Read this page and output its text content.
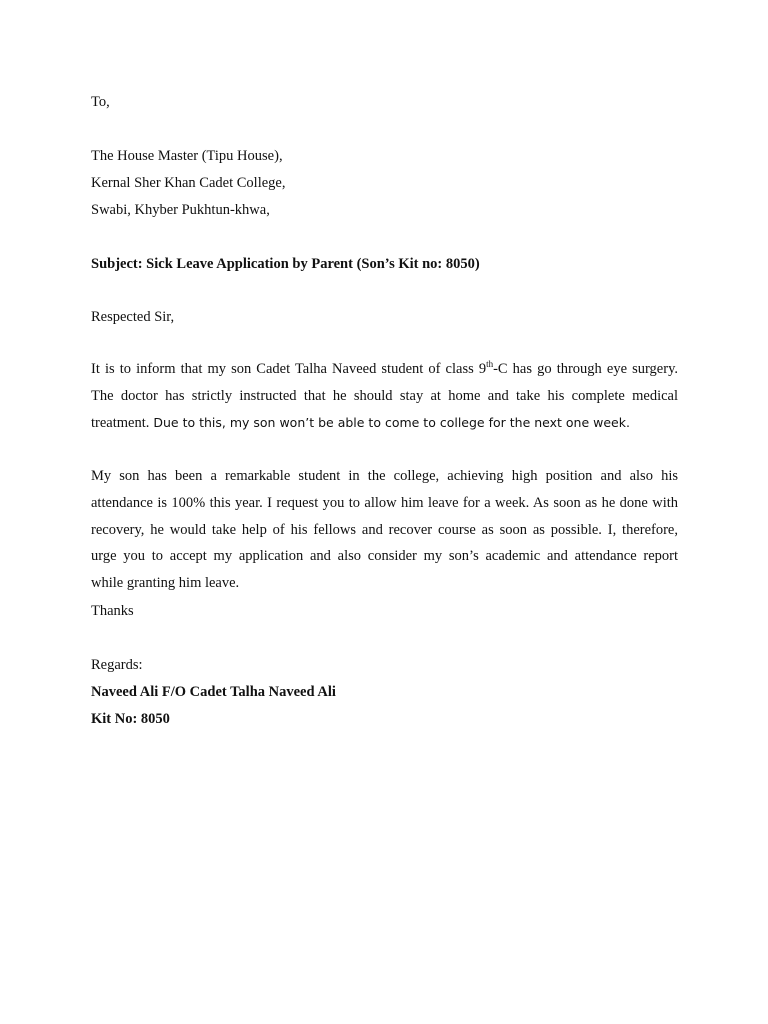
To,
The House Master (Tipu House),
Kernal Sher Khan Cadet College,
Swabi, Khyber Pukhtun-khwa,
Subject: Sick Leave Application by Parent (Son’s Kit no: 8050)
Respected Sir,
It is to inform that my son Cadet Talha Naveed student of class 9th-C has go through eye surgery.
The doctor has strictly instructed that he should stay at home and take his complete medical
treatment. Due to this, my son won’t be able to come to college for the next one week.
My son has been a remarkable student in the college, achieving high position and also his
attendance is 100% this year. I request you to allow him leave for a week. As soon as he done with
recovery, he would take help of his fellows and recover course as soon as possible. I, therefore,
urge you to accept my application and also consider my son’s academic and attendance report
while granting him leave.
Thanks
Regards:
Naveed Ali F/O Cadet Talha Naveed Ali
Kit No: 8050
